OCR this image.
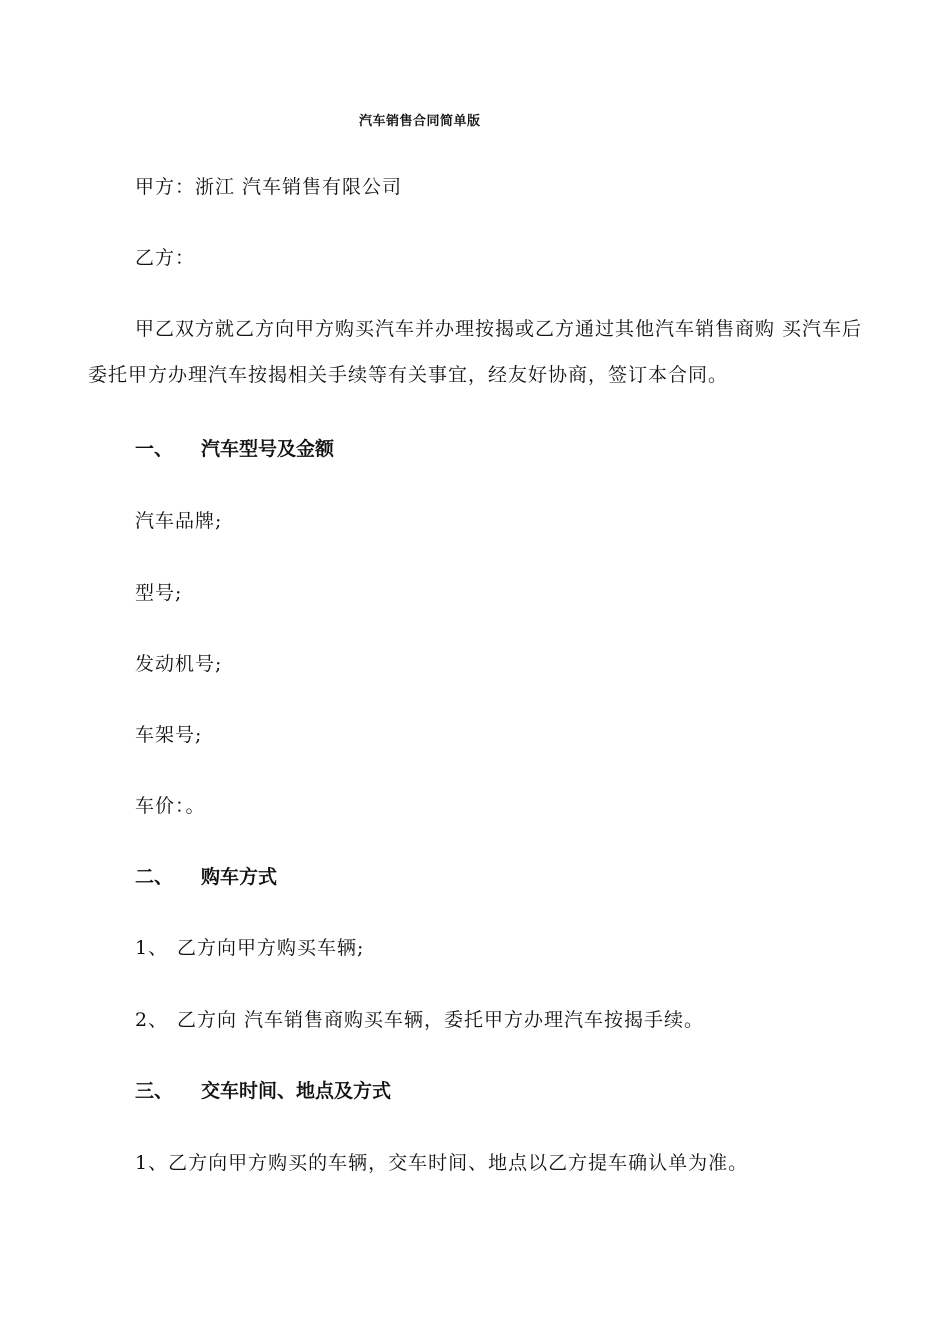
汽车销售合同简单版
甲方：浙江 汽车销售有限公司
乙方：
甲乙双方就乙方向甲方购买汽车并办理按揭或乙方通过其他汽车销售商购 买汽车后委托甲方办理汽车按揭相关手续等有关事宜，经友好协商，签订本合同。
一、 汽车型号及金额
汽车品牌;
型号;
发动机号;
车架号;
车价：。
二、 购车方式
1、 乙方向甲方购买车辆;
2、 乙方向 汽车销售商购买车辆，委托甲方办理汽车按揭手续。
三、 交车时间、地点及方式
1、乙方向甲方购买的车辆，交车时间、地点以乙方提车确认单为准。
